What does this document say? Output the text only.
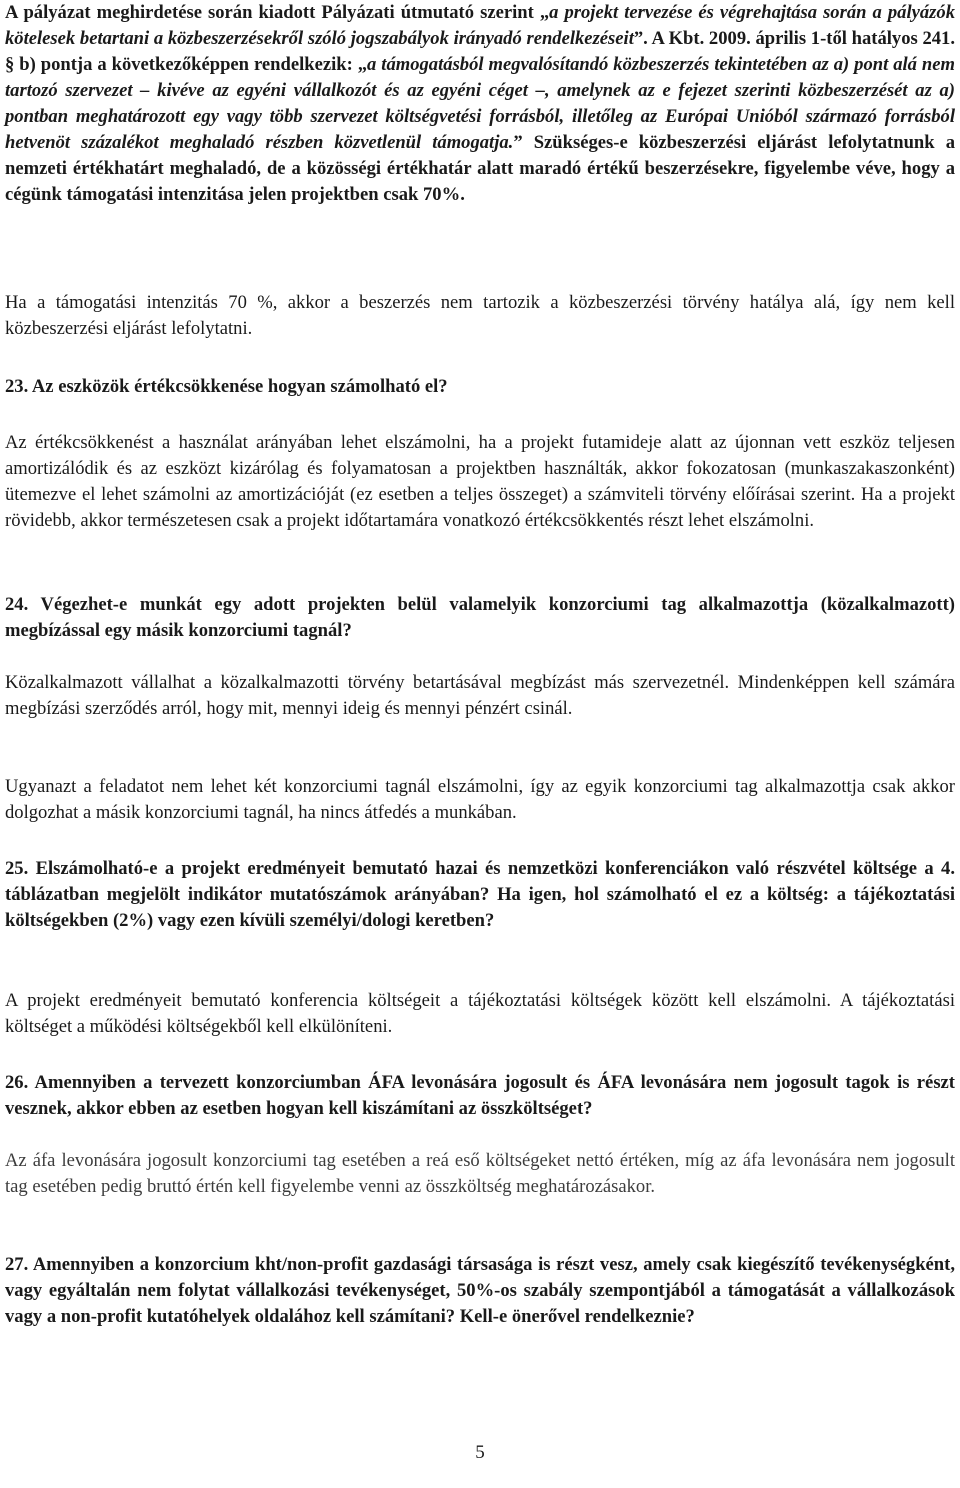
A pályázat meghirdetése során kiadott Pályázati útmutató szerint „a projekt tervezése és végrehajtása során a pályázók kötelesek betartani a közbeszerzésekről szóló jogszabályok irányadó rendelkezéseit”. A Kbt. 2009. április 1-től hatályos 241. § b) pontja a következőképpen rendelkezik: „a támogatásból megvalósítandó közbeszerzés tekintetében az a) pont alá nem tartozó szervezet – kivéve az egyéni vállalkozót és az egyéni céget –, amelynek az e fejezet szerinti közbeszerzését az a) pontban meghatározott egy vagy több szervezet költségvetési forrásból, illetőleg az Európai Unióból származó forrásból hetvenöt százalékot meghaladó részben közvetlenül támogatja.” Szükséges-e közbeszerzési eljárást lefolytatnunk a nemzeti értékhatárt meghaladó, de a közösségi értékhatár alatt maradó értékű beszerzésekre, figyelembe véve, hogy a cégünk támogatási intenzitása jelen projektben csak 70%.

Ha a támogatási intenzitás 70 %, akkor a beszerzés nem tartozik a közbeszerzési törvény hatálya alá, így nem kell közbeszerzési eljárást lefolytatni.

23. Az eszközök értékcsökkenése hogyan számolható el?

Az értékcsökkenést a használat arányában lehet elszámolni, ha a projekt futamideje alatt az újonnan vett eszköz teljesen amortizálódik és az eszközt kizárólag és folyamatosan a projektben használták, akkor fokozatosan (munkaszakaszonként) ütemezve el lehet számolni az amortizációját (ez esetben a teljes összeget) a számviteli törvény előírásai szerint. Ha a projekt rövidebb, akkor természetesen csak a projekt időtartamára vonatkozó értékcsökkentés részt lehet elszámolni.

24. Végezhet-e munkát egy adott projekten belül valamelyik konzorciumi tag alkalmazottja (közalkalmazott) megbízással egy másik konzorciumi tagnál?

Közalkalmazott vállalhat a közalkalmazotti törvény betartásával megbízást más szervezetnél. Mindenképpen kell számára megbízási szerződés arról, hogy mit, mennyi ideig és mennyi pénzért csinál.

Ugyanazt a feladatot nem lehet két konzorciumi tagnál elszámolni, így az egyik konzorciumi tag alkalmazottja csak akkor dolgozhat a másik konzorciumi tagnál, ha nincs átfedés a munkában.

25. Elszámolható-e a projekt eredményeit bemutató hazai és nemzetközi konferenciákon való részvétel költsége a 4. táblázatban megjelölt indikátor mutatószámok arányában? Ha igen, hol számolható el ez a költség: a tájékoztatási költségekben (2%) vagy ezen kívüli személyi/dologi keretben?

A projekt eredményeit bemutató konferencia költségeit a tájékoztatási költségek között kell elszámolni. A tájékoztatási költséget a működési költségekből kell elkülöníteni.

26. Amennyiben a tervezett konzorciumban ÁFA levonására jogosult és ÁFA levonására nem jogosult tagok is részt vesznek, akkor ebben az esetben hogyan kell kiszámítani az összköltséget?

Az áfa levonására jogosult konzorciumi tag esetében a reá eső költségeket nettó értéken, míg az áfa levonására nem jogosult tag esetében pedig bruttó értén kell figyelembe venni az összköltség meghatározásakor.

27. Amennyiben a konzorcium kht/non-profit gazdasági társasága is részt vesz, amely csak kiegészítő tevékenységként, vagy egyáltalán nem folytat vállalkozási tevékenységet, 50%-os szabály szempontjából a támogatását a vállalkozások vagy a non-profit kutatóhelyek oldalához kell számítani? Kell-e önerővel rendelkeznie?

5
